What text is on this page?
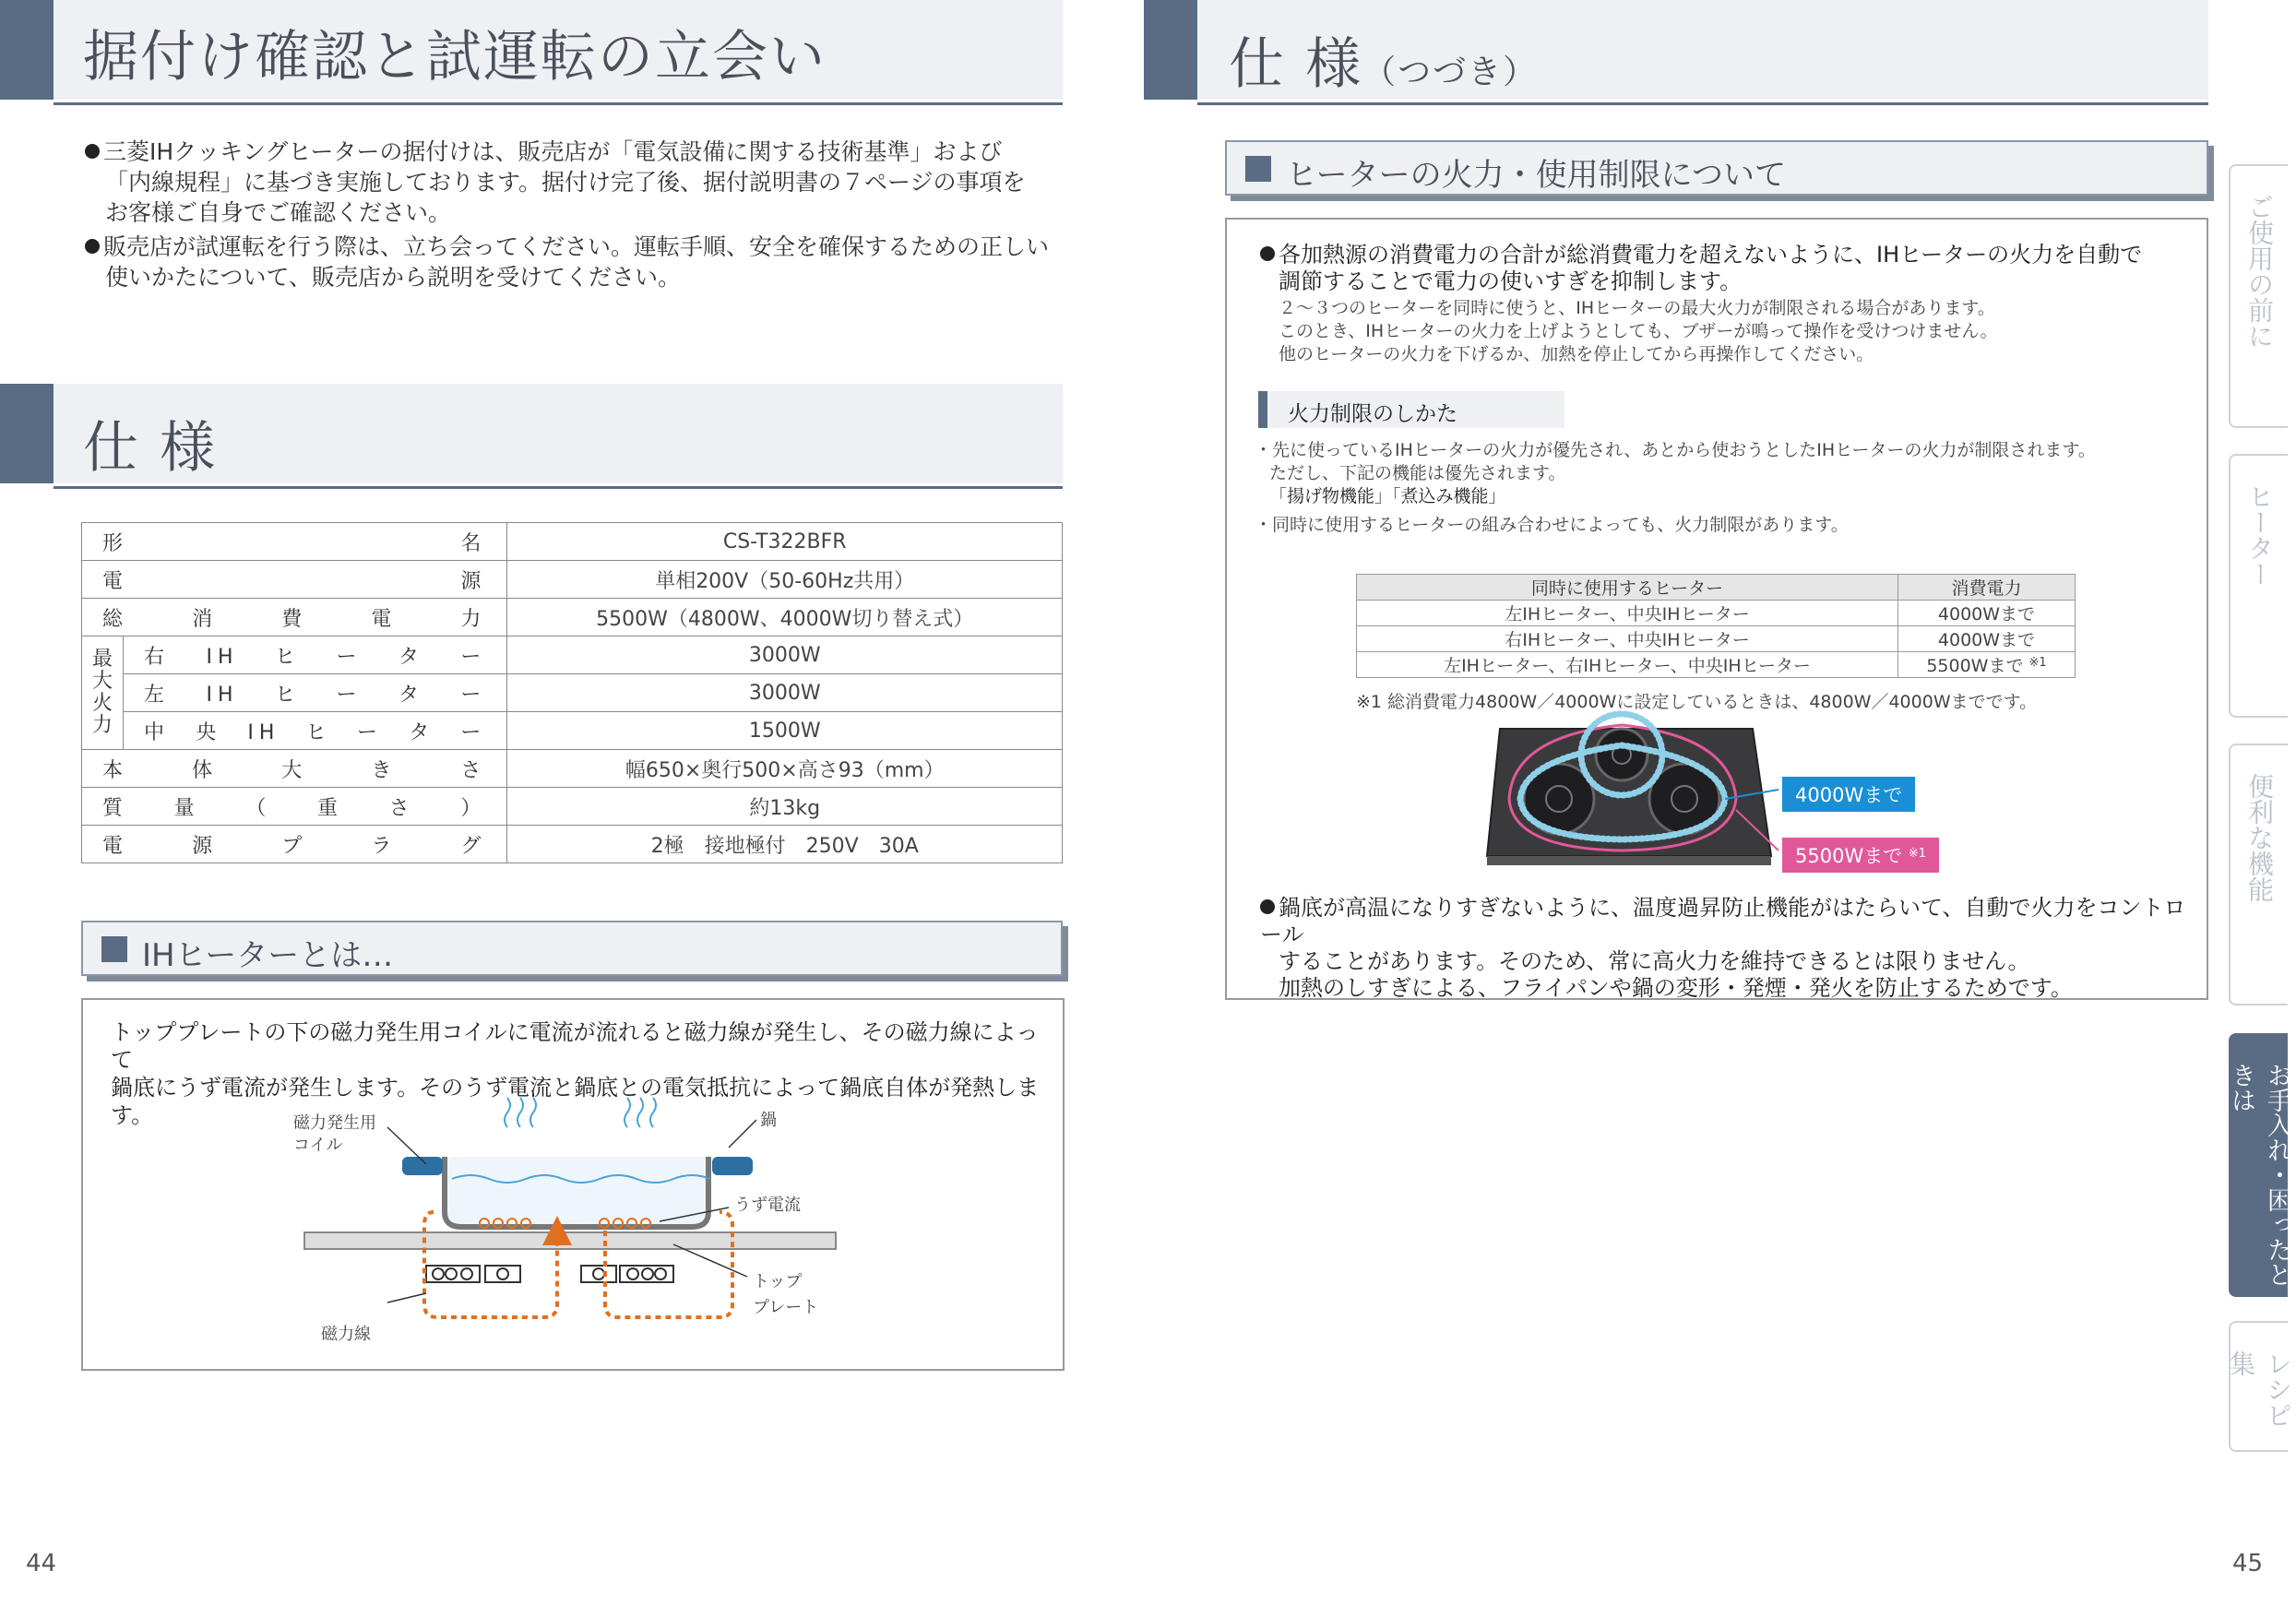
据付け確認と試運転の立会い

三菱IHクッキングヒーターの据付けは、販売店が「電気設備に関する技術基準」および

「内線規程」に基づき実施しております。据付け完了後、据付説明書の７ページの事項を

お客様ご自身でご確認ください。

販売店が試運転を行う際は、立ち会ってください。運転手順、安全を確保するための正しい

使いかたについて、販売店から説明を受けてください。

仕 様
形名		CS-T322BFR
電源		単相200V（50-60Hz共用）
総消費電力		5500W（4800W、4000W切り替え式）

最大火力	右IHヒーター	3000W
	左IHヒーター	3000W
	中央IHヒーター	1500W
本体大きさ		幅650×奥行500×高さ93（mm）
質量（重さ）		約13kg
電源プラグ		2極　接地極付　250V　30A
IHヒーターとは…

トッププレートの下の磁力発生用コイルに電流が流れると磁力線が発生し、その磁力線によって

鍋底にうず電流が発生します。そのうず電流と鍋底との電気抵抗によって鍋底自体が発熱します。	磁力発生用

コイル

鍋
うず電流

トップ

プレート

磁力線
44
仕 様（つづき）
ヒーターの火力・使用制限について

各加熱源の消費電力の合計が総消費電力を超えないように、IHヒーターの火力を自動で

調節することで電力の使いすぎを抑制します。

２～３つのヒーターを同時に使うと、IHヒーターの最大火力が制限される場合があります。

このとき、IHヒーターの火力を上げようとしても、ブザーが鳴って操作を受けつけません。

他のヒーターの火力を下げるか、加熱を停止してから再操作してください。

火力制限のしかた

・先に使っているIHヒーターの火力が優先され、あとから使おうとしたIHヒーターの火力が制限されます。

ただし、下記の機能は優先されます。

「揚げ物機能」「煮込み機能」

・同時に使用するヒーターの組み合わせによっても、火力制限があります。

同時に使用するヒーター	消費電力
左IHヒーター、中央IHヒーター	4000Wまで
右IHヒーター、中央IHヒーター	4000Wまで
左IHヒーター、右IHヒーター、中央IHヒーター	5500Wまで $^{※1}$
※1 総消費電力4800W／4000Wに設定しているときは、4800W／4000Wまでです。
4000Wまで
5500Wまで $^{※1}$

鍋底が高温になりすぎないように、温度過昇防止機能がはたらいて、自動で火力をコントロール

することがあります。そのため、常に高火力を維持できるとは限りません。

加熱のしすぎによる、フライパンや鍋の変形・発煙・発火を防止するためです。

45
ご使用の前に
ヒーター
便利な機能
お手入れ・困ったときは
レシピ集
